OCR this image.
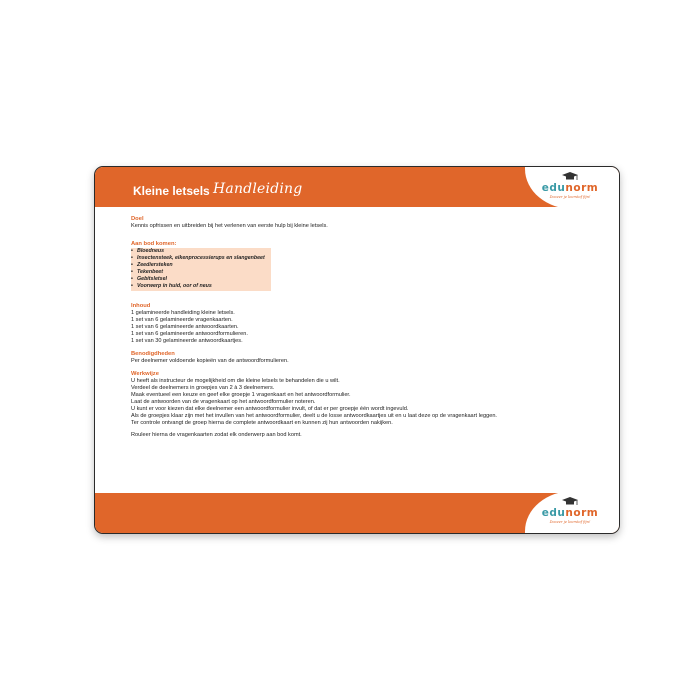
Kleine letsels Handleiding	edunorm
Doceer je leerstof fijn!
edunorm
Doceer je leerstof fijn!
Doel

Kennis opfrissen en uitbreiden bij het verlenen van eerste hulp bij kleine letsels.

Aan bod komen:
• Bloedneus
• Insectensteek, eikenprocessierups en slangenbeet
• Zeediersteken
• Tekenbeet
• Gebitsletsel
• Voorwerp in huid, oor of neus
Inhoud

1 gelamineerde handleiding kleine letsels.

1 set van 6 gelamineerde vragenkaarten.

1 set van 6 gelamineerde antwoordkaarten.

1 set van 6 gelamineerde antwoordformulieren.

1 set van 30 gelamineerde antwoordkaartjes.

Benodigdheden

Per deelnemer voldoende kopieën van de antwoordformulieren.

Werkwijze

U heeft als instructeur de mogelijkheid om die kleine letsels te behandelen die u wilt.

Verdeel de deelnemers in groepjes van 2 à 3 deelnemers.

Maak eventueel een keuze en geef elke groepje 1 vragenkaart en het antwoordformulier.

Laat de antwoorden van de vragenkaart op het antwoordformulier noteren.

U kunt er voor kiezen dat elke deelnemer een antwoordformulier invult, of dat er per groepje één wordt ingevuld.

Als de groepjes klaar zijn met het invullen van het antwoordformulier, deelt u de losse antwoordkaartjes uit en u laat deze op de vragenkaart leggen.

Ter controle ontvangt de groep hierna de complete antwoordkaart en kunnen zij hun antwoorden nakijken.

Rouleer hierna de vragenkaarten zodat elk onderwerp aan bod komt.
